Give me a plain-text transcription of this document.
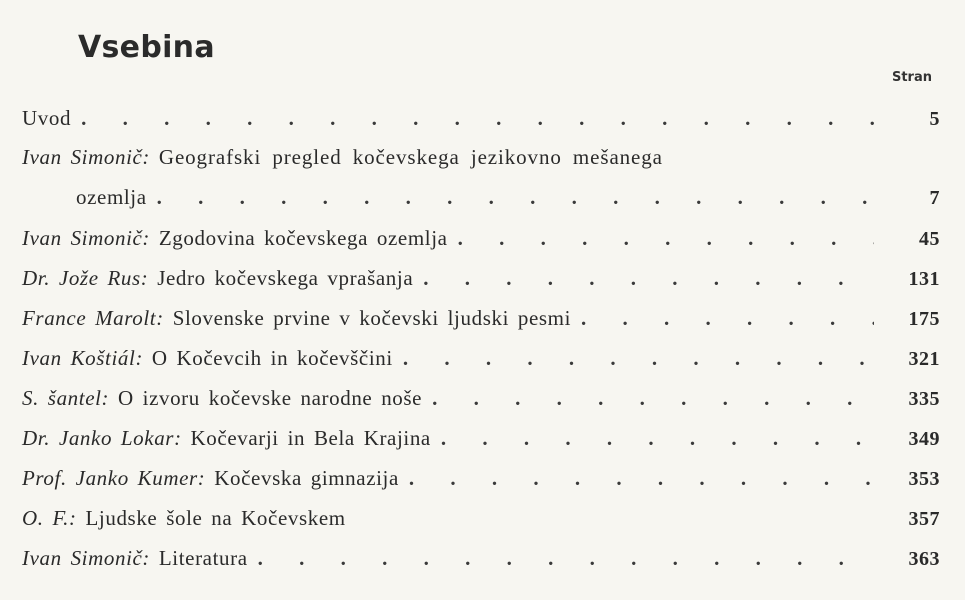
Vsebina
Stran
Uvod . . .	5
Ivan Simonič: Geografski pregled kočevskega jezikovno mešanega
ozemlja . . .	7
Ivan Simonič:
Zgodovina kočevskega ozemlja . . .	45
Dr. Jože Rus:
Jedro kočevskega vprašanja . . .	131
France Marolt:
Slovenske prvine v kočevski ljudski pesmi . . .	175
Ivan Koštiál:
O Kočevcih in kočevščini . . .	321
S. šantel:
O izvoru kočevske narodne noše . . .	335
Dr. Janko Lokar:
Kočevarji in Bela Krajina . . .	349
Prof. Janko Kumer:
Kočevska gimnazija . . .	353
O. F.:
Ljudske šole na Kočevskem	357
Ivan Simonič:
Literatura . . .	363
